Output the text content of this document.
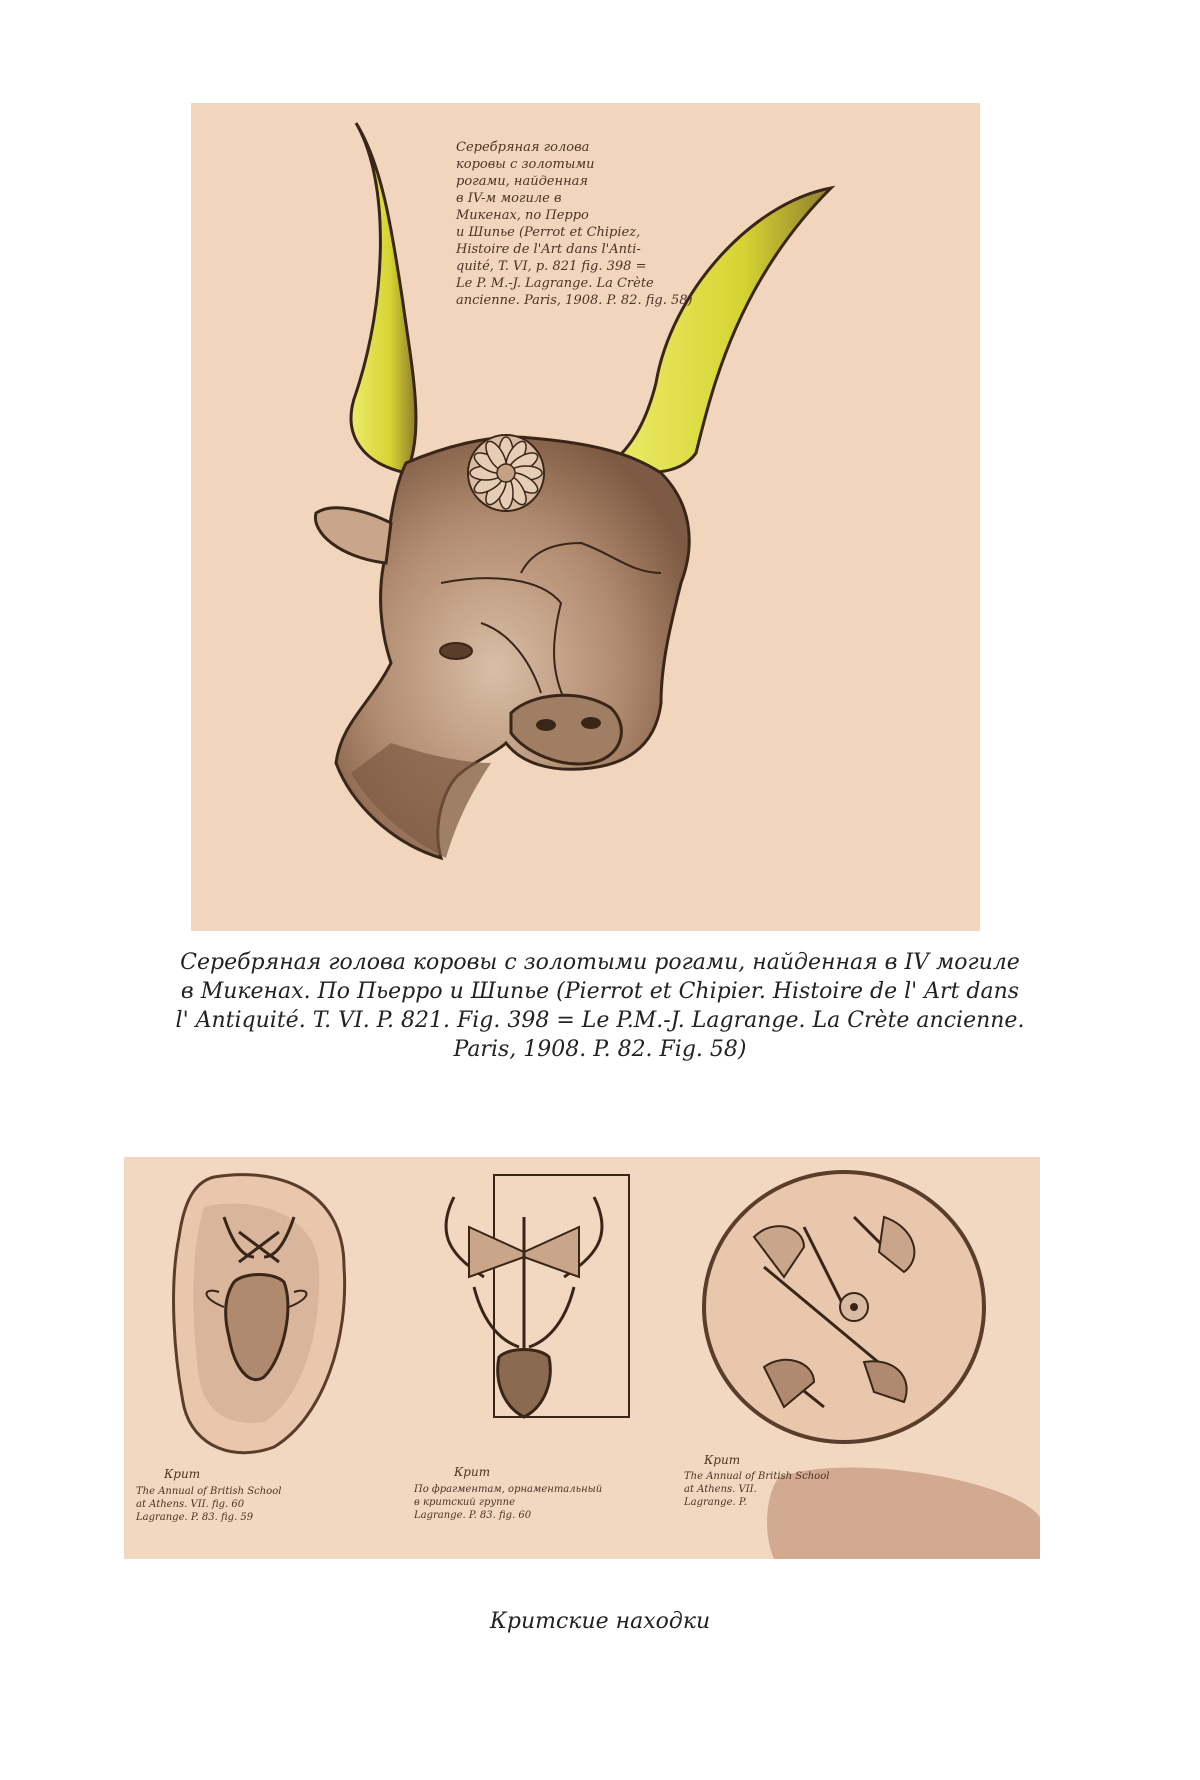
Серебряная голова
коровы с золотыми
рогами, найденная
в IV-м могиле в
Микенах, по Перро
и Шипье (Perrot et Chipiez,
Histoire de l'Art dans l'Anti-
quité, T. VI, p. 821 fig. 398 =
Le P. M.-J. Lagrange. La Crète
ancienne. Paris, 1908. P. 82. fig. 58)
Серебряная голова коровы с золотыми рогами, найденная в IV могиле
в Микенах. По Пьерро и Шипье (Pierrot et Chipier. Histoire de l' Art dans
l' Antiquité. T. VI. P. 821. Fig. 398 = Le P.M.-J. Lagrange. La Crète ancienne.
Paris, 1908. P. 82. Fig. 58)
Крит
The Annual of British School
at Athens. VII. fig. 60
Lagrange. P. 83. fig. 59
Крит
По фрагментам, орнаментальный
в критский группе
Lagrange. P. 83. fig. 60
Крит
The Annual of British School
at Athens. VII.
Lagrange. P.
Критские находки
